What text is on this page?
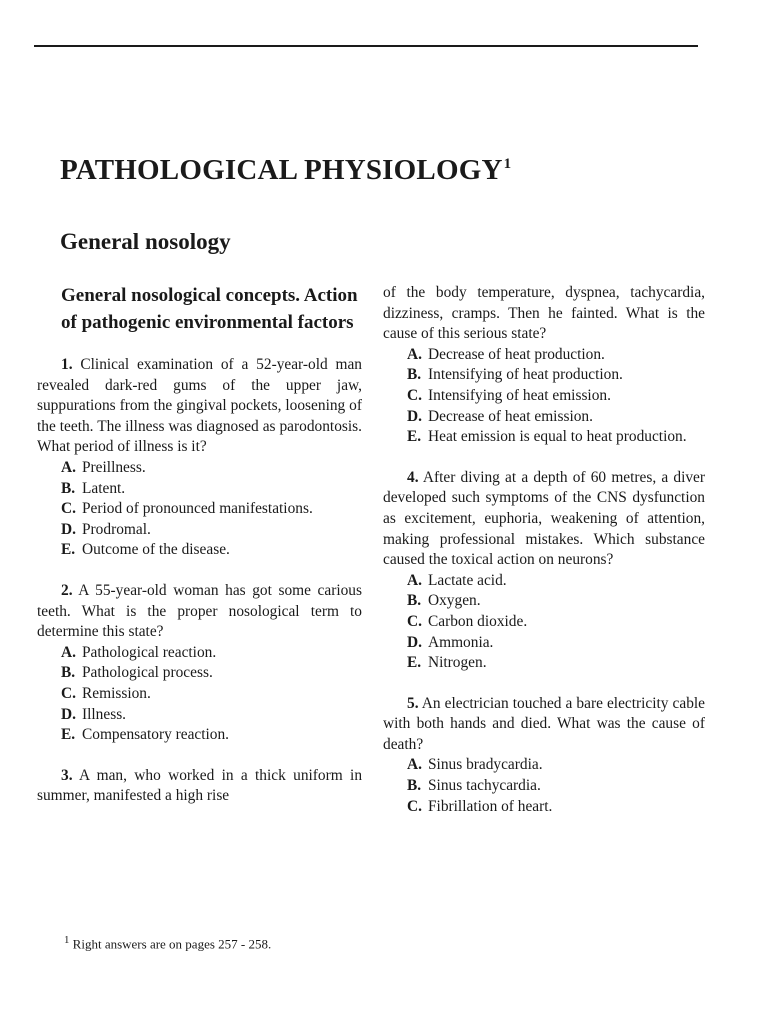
PATHOLOGICAL PHYSIOLOGY$^1$
General nosology
General nosological concepts. Action of pathogenic environmental factors

1. Clinical examination of a 52-year-old man revealed dark-red gums of the upper jaw, suppurations from the gingival pockets, loosening of the teeth. The illness was diagnosed as parodontosis. What period of illness is it?

A. Preillness.
B. Latent.
C. Period of pronounced manifestations.
D. Prodromal.
E. Outcome of the disease.

2. A 55-year-old woman has got some carious teeth. What is the proper nosological term to determine this state?

A. Pathological reaction.
B. Pathological process.
C. Remission.
D. Illness.
E. Compensatory reaction.

3. A man, who worked in a thick uniform in summer, manifested a high rise

of the body temperature, dyspnea, tachycardia, dizziness, cramps. Then he fainted. What is the cause of this serious state?

A. Decrease of heat production.
B. Intensifying of heat production.
C. Intensifying of heat emission.
D. Decrease of heat emission.
E. Heat emission is equal to heat production.

4. After diving at a depth of 60 metres, a diver developed such symptoms of the CNS dysfunction as excitement, euphoria, weakening of attention, making professional mistakes. Which substance caused the toxical action on neurons?

A. Lactate acid.
B. Oxygen.
C. Carbon dioxide.
D. Ammonia.
E. Nitrogen.

5. An electrician touched a bare electricity cable with both hands and died. What was the cause of death?

A. Sinus bradycardia.
B. Sinus tachycardia.
C. Fibrillation of heart.
$^1$ Right answers are on pages 257 - 258.
